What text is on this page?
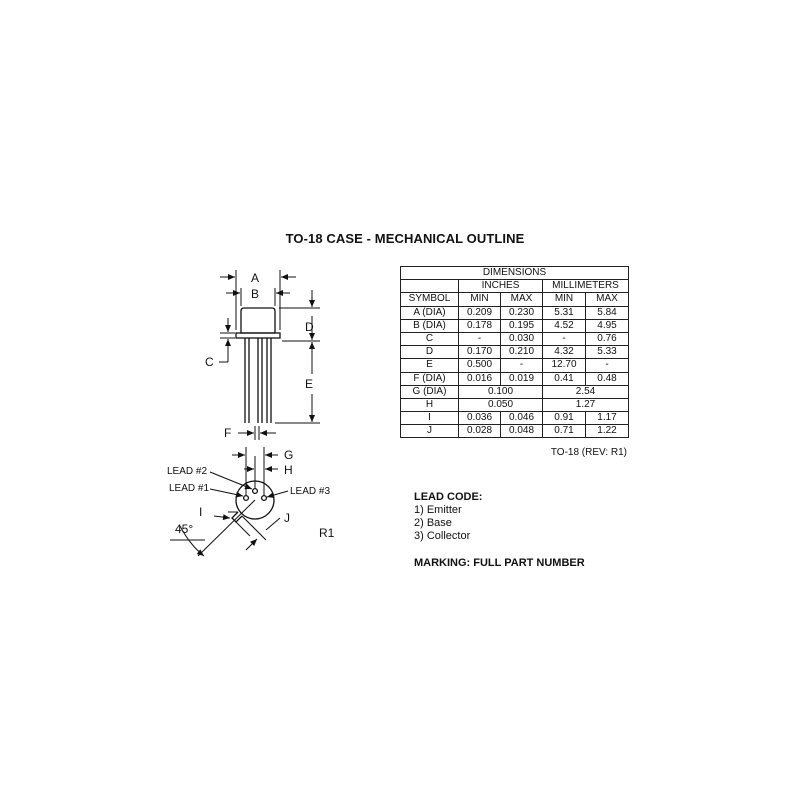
TO-18 CASE - MECHANICAL OUTLINE
A
B
D
E
C
F
G
H
LEAD #2
LEAD #1	LEAD #3
I	J
45°	R1
DIMENSIONS				
	INCHES		MILLIMETERS	
SYMBOL	MIN	MAX	MIN	MAX
A (DIA)	0.209	0.230	5.31	5.84
B (DIA)	0.178	0.195	4.52	4.95
C	-	0.030	-	0.76
D	0.170	0.210	4.32	5.33
E	0.500	-	12.70	-
F (DIA)	0.016	0.019	0.41	0.48
G (DIA)	0.100		2.54	
H	0.050		1.27	
I	0.036	0.046	0.91	1.17
J	0.028	0.048	0.71	1.22
TO-18 (REV: R1)
LEAD CODE:
1) Emitter
2) Base
3) Collector
MARKING: FULL PART NUMBER
